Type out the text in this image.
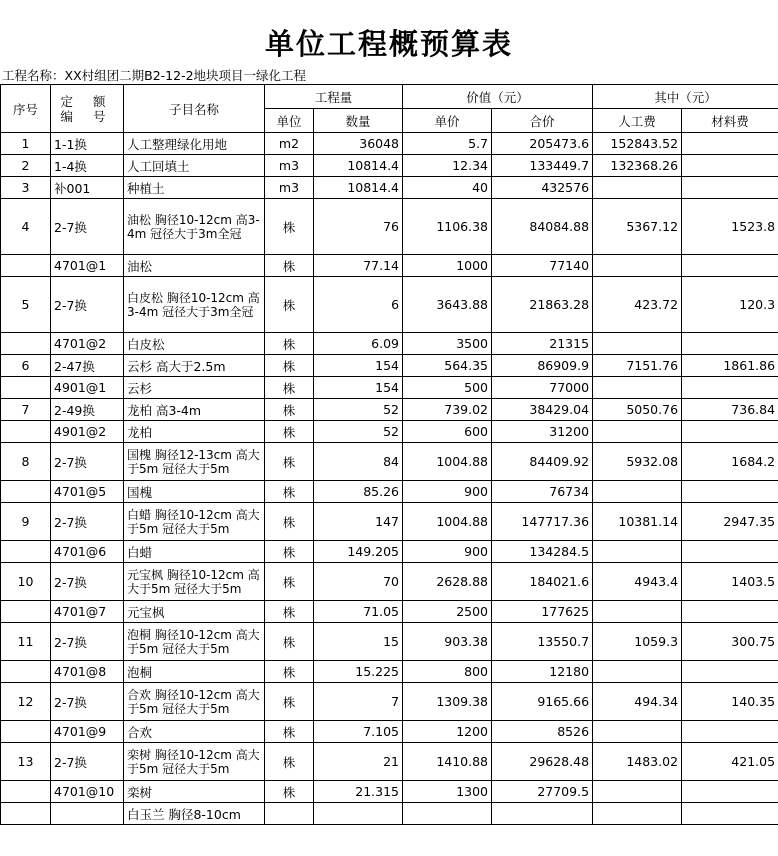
单位工程概预算表
工程名称：XX村组团二期B2-12-2地块项目一绿化工程
序号	定 额
编 号	子目名称	工程量		价值（元）		其中（元）	
			单位	数量	单价	合价	人工费	材料费
1	1-1换	人工整理绿化用地	m2	36048	5.7	205473.6	152843.52	
2	1-4换	人工回填土	m3	10814.4	12.34	133449.7	132368.26	
3	补001	种植土	m3	10814.4	40	432576		
4	2-7换	油松 胸径10-12cm 高3-4m 冠径大于3m全冠	株	76	1106.38	84084.88	5367.12	1523.8
	4701@1	油松	株	77.14	1000	77140		
5	2-7换	白皮松 胸径10-12cm 高3-4m 冠径大于3m全冠	株	6	3643.88	21863.28	423.72	120.3
	4701@2	白皮松	株	6.09	3500	21315		
6	2-47换	云杉 高大于2.5m	株	154	564.35	86909.9	7151.76	1861.86
	4901@1	云杉	株	154	500	77000		
7	2-49换	龙柏 高3-4m	株	52	739.02	38429.04	5050.76	736.84
	4901@2	龙柏	株	52	600	31200		
8	2-7换	国槐 胸径12-13cm 高大于5m 冠径大于5m	株	84	1004.88	84409.92	5932.08	1684.2
	4701@5	国槐	株	85.26	900	76734		
9	2-7换	白蜡 胸径10-12cm 高大于5m 冠径大于5m	株	147	1004.88	147717.36	10381.14	2947.35
	4701@6	白蜡	株	149.205	900	134284.5		
10	2-7换	元宝枫 胸径10-12cm 高大于5m 冠径大于5m	株	70	2628.88	184021.6	4943.4	1403.5
	4701@7	元宝枫	株	71.05	2500	177625		
11	2-7换	泡桐 胸径10-12cm 高大于5m 冠径大于5m	株	15	903.38	13550.7	1059.3	300.75
	4701@8	泡桐	株	15.225	800	12180		
12	2-7换	合欢 胸径10-12cm 高大于5m 冠径大于5m	株	7	1309.38	9165.66	494.34	140.35
	4701@9	合欢	株	7.105	1200	8526		
13	2-7换	栾树 胸径10-12cm 高大于5m 冠径大于5m	株	21	1410.88	29628.48	1483.02	421.05
	4701@10	栾树	株	21.315	1300	27709.5		
		白玉兰 胸径8-10cm						
